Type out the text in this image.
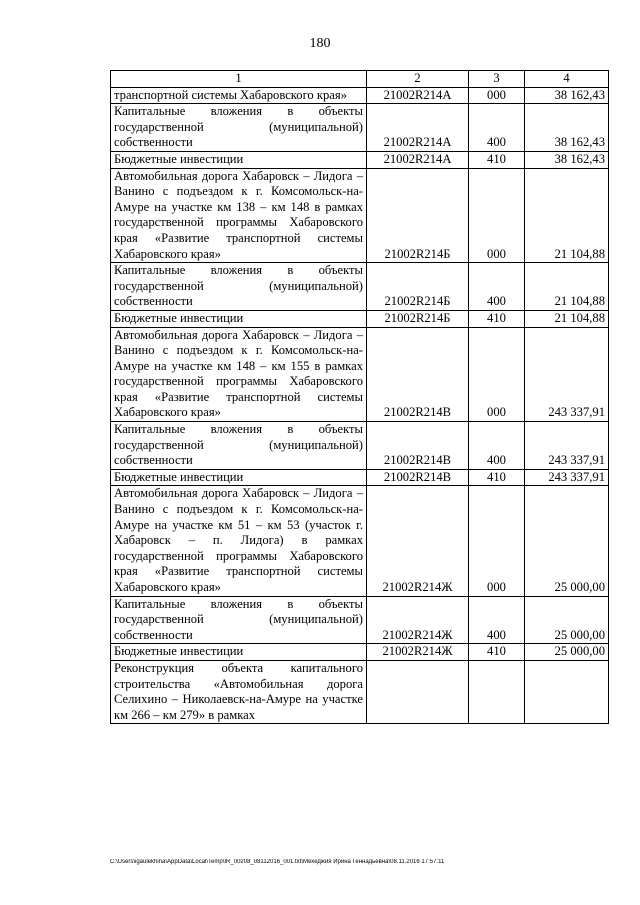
180
1	2	3	4
транспортной системы Хабаровского края»	21002R214А	000	38 162,43
Капитальные вложения в объекты государственной (муниципальной) собственности	21002R214А	400	38 162,43
Бюджетные инвестиции	21002R214А	410	38 162,43
Автомобильная дорога Хабаровск – Лидога – Ванино с подъездом к г. Комсомольск-на-Амуре на участке км 138 – км 148 в рамках государственной программы Хабаровского края «Развитие транспортной системы Хабаровского края»	21002R214Б	000	21 104,88
Капитальные вложения в объекты государственной (муниципальной) собственности	21002R214Б	400	21 104,88
Бюджетные инвестиции	21002R214Б	410	21 104,88
Автомобильная дорога Хабаровск – Лидога – Ванино с подъездом к г. Комсомольск-на-Амуре на участке км 148 – км 155 в рамках государственной программы Хабаровского края «Развитие транспортной системы Хабаровского края»	21002R214В	000	243 337,91
Капитальные вложения в объекты государственной (муниципальной) собственности	21002R214В	400	243 337,91
Бюджетные инвестиции	21002R214В	410	243 337,91
Автомобильная дорога Хабаровск – Лидога – Ванино с подъездом к г. Комсомольск-на-Амуре на участке км 51 – км 53 (участок г. Хабаровск – п. Лидога) в рамках государственной программы Хабаровского края «Развитие транспортной системы Хабаровского края»	21002R214Ж	000	25 000,00
Капитальные вложения в объекты государственной (муниципальной) собственности	21002R214Ж	400	25 000,00
Бюджетные инвестиции	21002R214Ж	410	25 000,00
Реконструкция объекта капитального строительства «Автомобильная дорога Селихино – Николаевск-на-Амуре на участке км 266 – км 279» в рамках			
C:\Users\igaulekhina\AppData\Local\Temp\IR_00208_08112016_001.txt\Мехеджия Ирина Геннадьевна\08.11.2016 17:57:11
